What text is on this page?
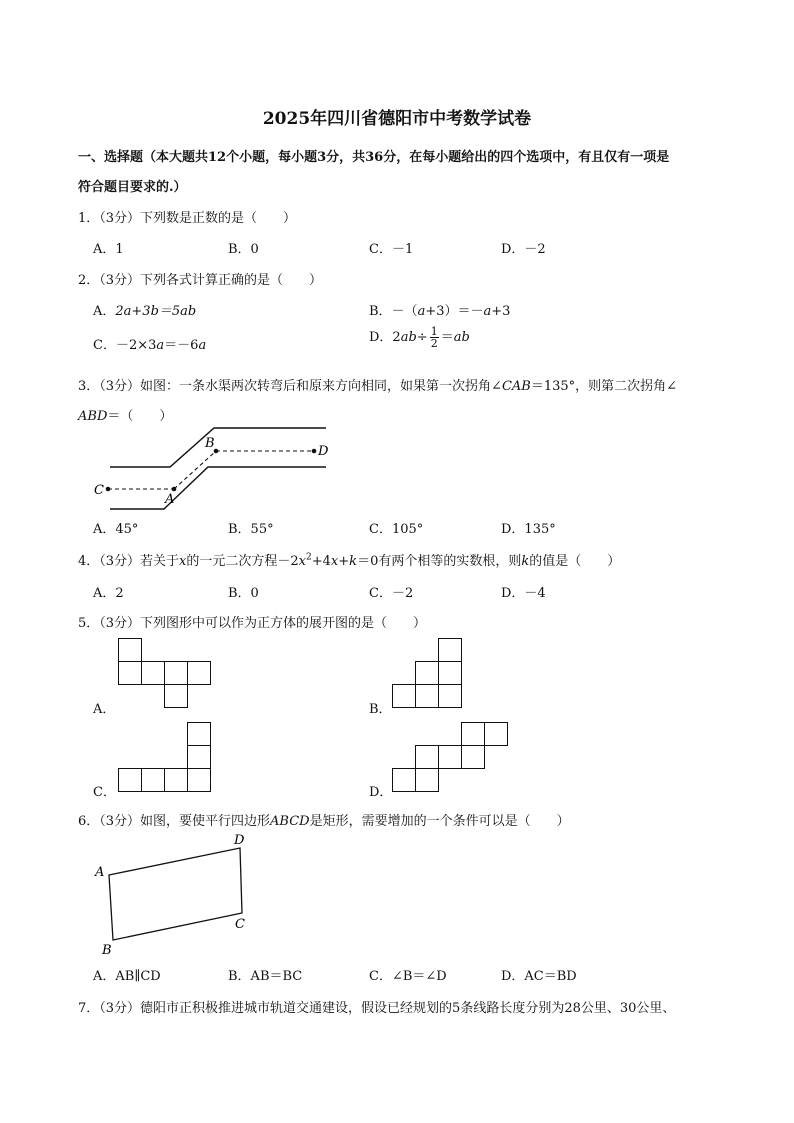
2025年四川省德阳市中考数学试卷
一、选择题（本大题共12个小题，每小题3分，共36分，在每小题给出的四个选项中，有且仅有一项是
符合题目要求的.）
1．（3分）下列数是正数的是（　　）
A．1	B．0	C．－1	D．－2
2．（3分）下列各式计算正确的是（　　）
A．2a+3b＝5ab	B．－（a+3）＝－a+3
C．－2×3a＝－6a
D．$2ab\div \frac{1}{2} =ab$
3．（3分）如图：一条水渠两次转弯后和原来方向相同，如果第一次拐角∠CAB＝135°，则第二次拐角∠
ABD＝（　　）
C
A
B
D
A．45°	B．55°	C．105°	D．135°
4．（3分）若关于x的一元二次方程$-2x^2+4x+k=0$有两个相等的实数根，则k的值是（　　）
A．2	B．0	C．－2	D．－4
5．（3分）下列图形中可以作为正方体的展开图的是（　　）
A．	B．
C．	D．
6．（3分）如图，要使平行四边形ABCD是矩形，需要增加的一个条件可以是（　　）
A
B
C
D
A．AB∥CD	B．AB＝BC	C．∠B＝∠D	D．AC＝BD
7．（3分）德阳市正积极推进城市轨道交通建设，假设已经规划的5条线路长度分别为28公里、30公里、
